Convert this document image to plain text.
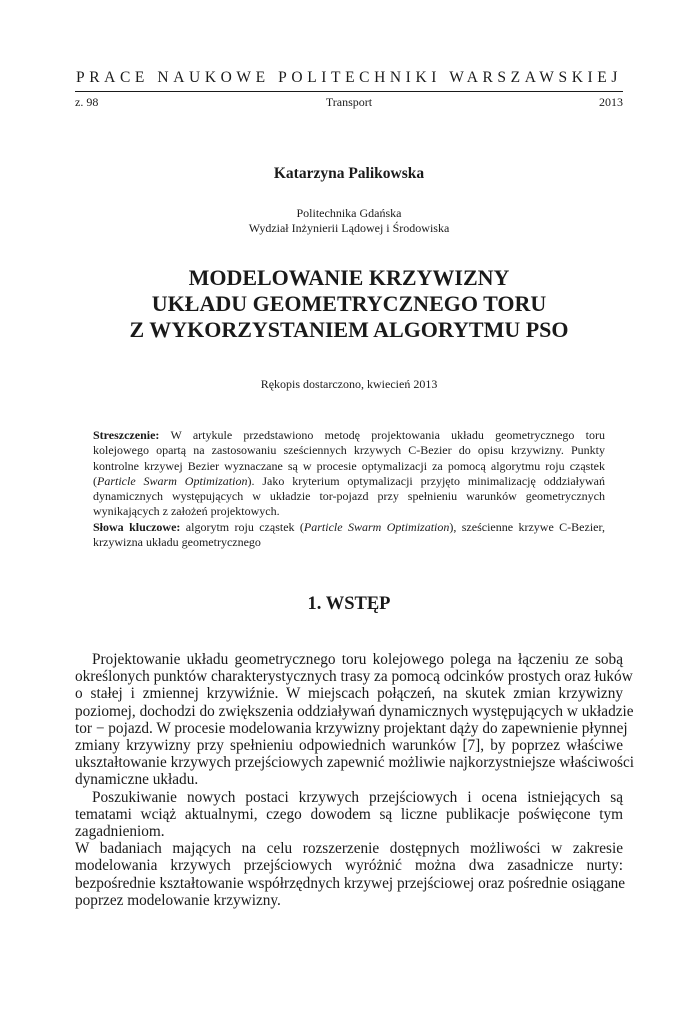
PRACE NAUKOWE POLITECHNIKI WARSZAWSKIEJ
z. 98	Transport	2013
Katarzyna Palikowska
Politechnika Gdańska
Wydział Inżynierii Lądowej i Środowiska
MODELOWANIE KRZYWIZNY
UKŁADU GEOMETRYCZNEGO TORU
Z WYKORZYSTANIEM ALGORYTMU PSO
Rękopis dostarczono, kwiecień 2013
Streszczenie: W artykule przedstawiono metodę projektowania układu geometrycznego toru
kolejowego opartą na zastosowaniu sześciennych krzywych C-Bezier do opisu krzywizny. Punkty
kontrolne krzywej Bezier wyznaczane są w procesie optymalizacji za pomocą algorytmu roju cząstek
(Particle Swarm Optimization). Jako kryterium optymalizacji przyjęto minimalizację oddziaływań
dynamicznych występujących w układzie tor-pojazd przy spełnieniu warunków geometrycznych
wynikających z założeń projektowych.
Słowa kluczowe: algorytm roju cząstek (Particle Swarm Optimization), sześcienne krzywe C-Bezier,
krzywizna układu geometrycznego
1. WSTĘP
Projektowanie układu geometrycznego toru kolejowego polega na łączeniu ze sobą
określonych punktów charakterystycznych trasy za pomocą odcinków prostych oraz łuków
o stałej i zmiennej krzywiźnie. W miejscach połączeń, na skutek zmian krzywizny
poziomej, dochodzi do zwiększenia oddziaływań dynamicznych występujących w układzie
tor − pojazd. W procesie modelowania krzywizny projektant dąży do zapewnienie płynnej
zmiany krzywizny przy spełnieniu odpowiednich warunków [7], by poprzez właściwe
ukształtowanie krzywych przejściowych zapewnić możliwie najkorzystniejsze właściwości
dynamiczne układu.
Poszukiwanie nowych postaci krzywych przejściowych i ocena istniejących są
tematami wciąż aktualnymi, czego dowodem są liczne publikacje poświęcone tym
zagadnieniom.
W badaniach mających na celu rozszerzenie dostępnych możliwości w zakresie
modelowania krzywych przejściowych wyróżnić można dwa zasadnicze nurty:
bezpośrednie kształtowanie współrzędnych krzywej przejściowej oraz pośrednie osiągane
poprzez modelowanie krzywizny.
